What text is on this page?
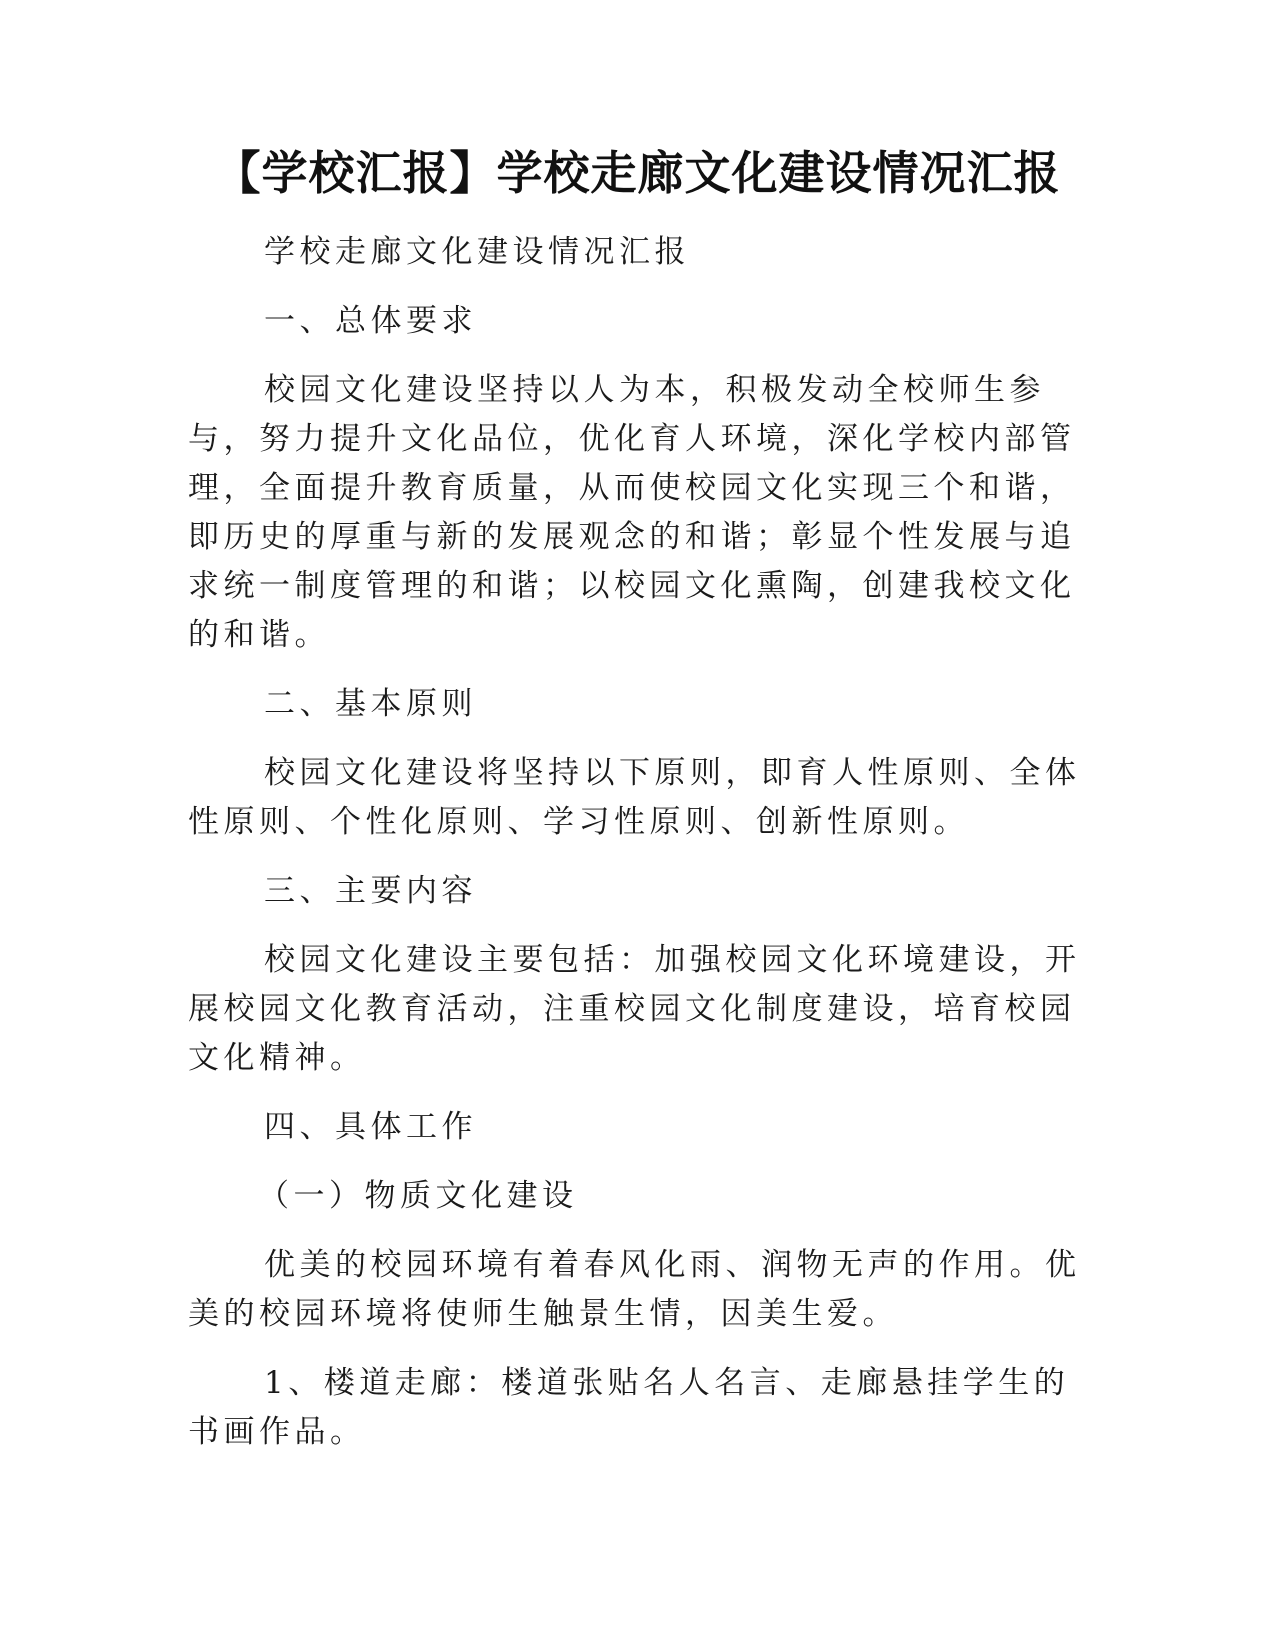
【学校汇报】学校走廊文化建设情况汇报

学校走廊文化建设情况汇报

一、总体要求

校园文化建设坚持以人为本，积极发动全校师生参与，努力提升文化品位，优化育人环境，深化学校内部管理，全面提升教育质量，从而使校园文化实现三个和谐，即历史的厚重与新的发展观念的和谐；彰显个性发展与追求统一制度管理的和谐；以校园文化熏陶，创建我校文化的和谐。

二、基本原则

校园文化建设将坚持以下原则，即育人性原则、全体性原则、个性化原则、学习性原则、创新性原则。

三、主要内容

校园文化建设主要包括：加强校园文化环境建设，开展校园文化教育活动，注重校园文化制度建设，培育校园文化精神。

四、具体工作

（一）物质文化建设

优美的校园环境有着春风化雨、润物无声的作用。优美的校园环境将使师生触景生情，因美生爱。

1、楼道走廊：楼道张贴名人名言、走廊悬挂学生的书画作品。
